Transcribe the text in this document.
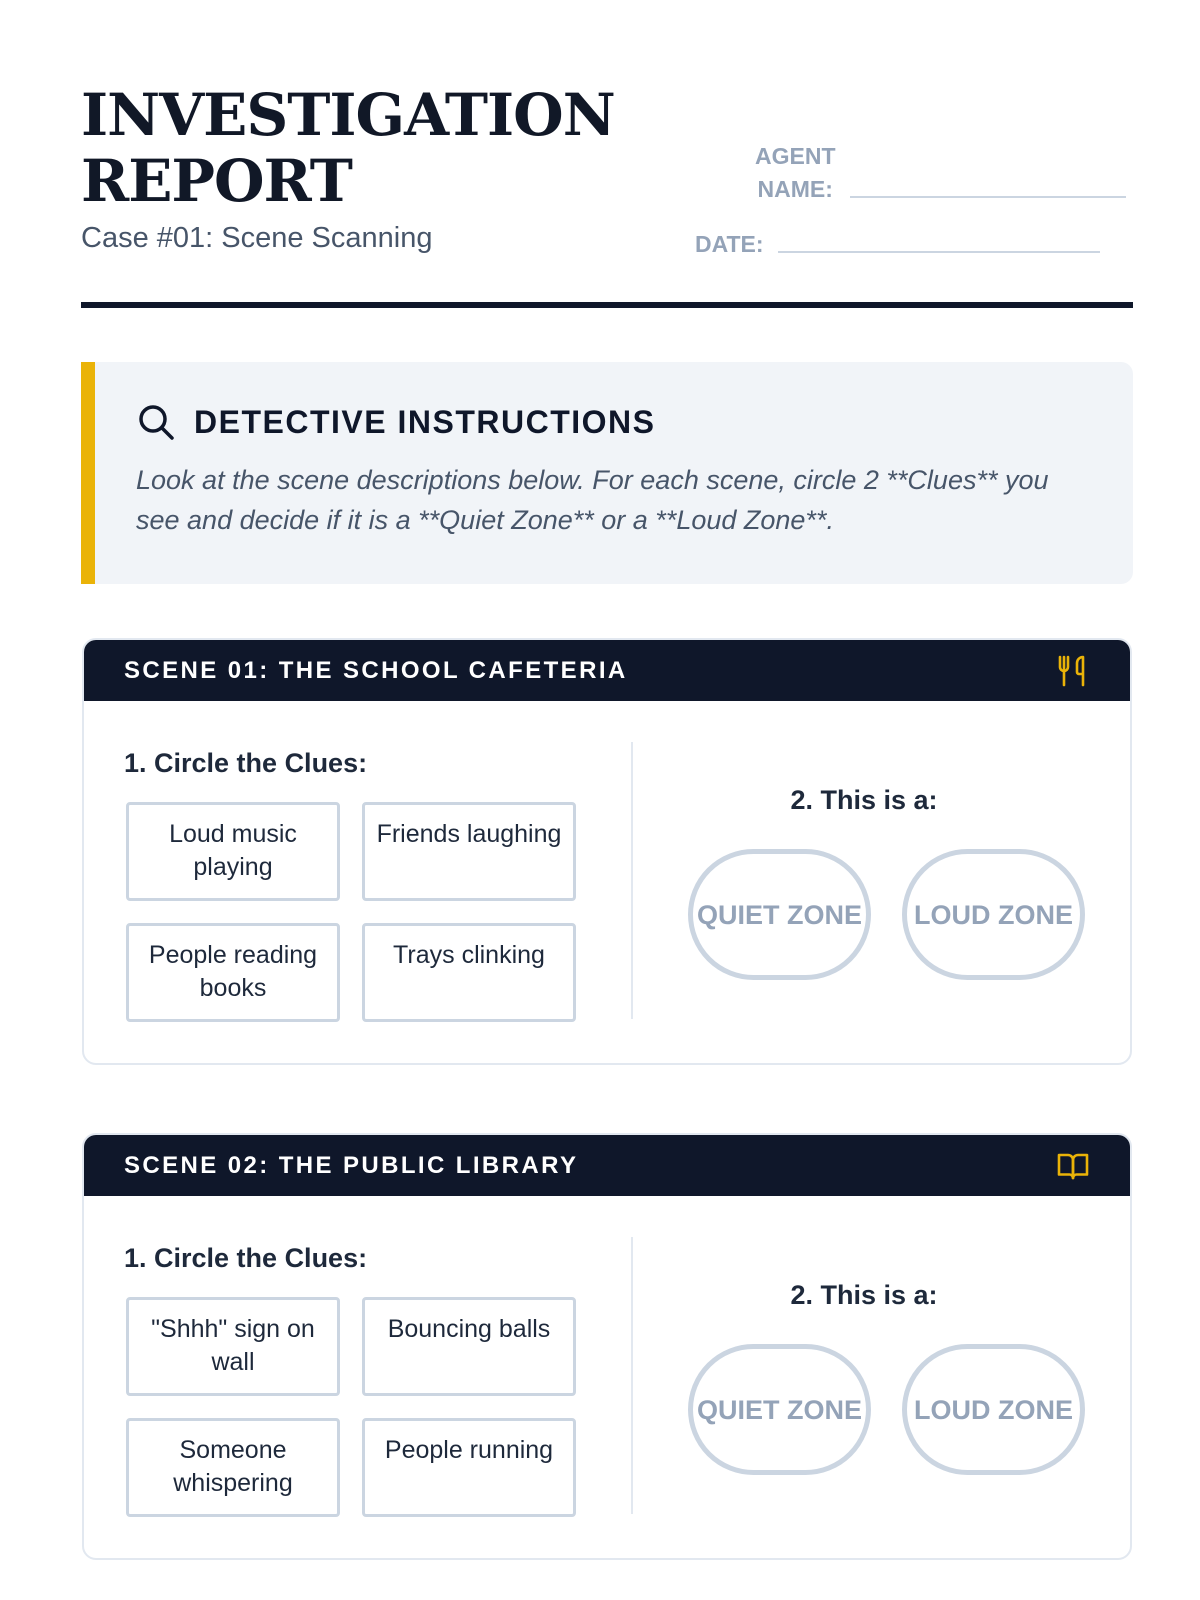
INVESTIGATION
REPORT
Case #01: Scene Scanning
AGENT
NAME:
DATE:
DETECTIVE INSTRUCTIONS

Look at the scene descriptions below. For each scene, circle 2 **Clues** you see and decide if it is a **Quiet Zone** or a **Loud Zone**.

SCENE 01: THE SCHOOL CAFETERIA
1. Circle the Clues:
Loud music playing
Friends laughing
People reading books
Trays clinking
2. This is a:
QUIET ZONE	LOUD ZONE
SCENE 02: THE PUBLIC LIBRARY
1. Circle the Clues:
"Shhh" sign on wall
Bouncing balls
Someone whispering
People running
2. This is a:
QUIET ZONE	LOUD ZONE
